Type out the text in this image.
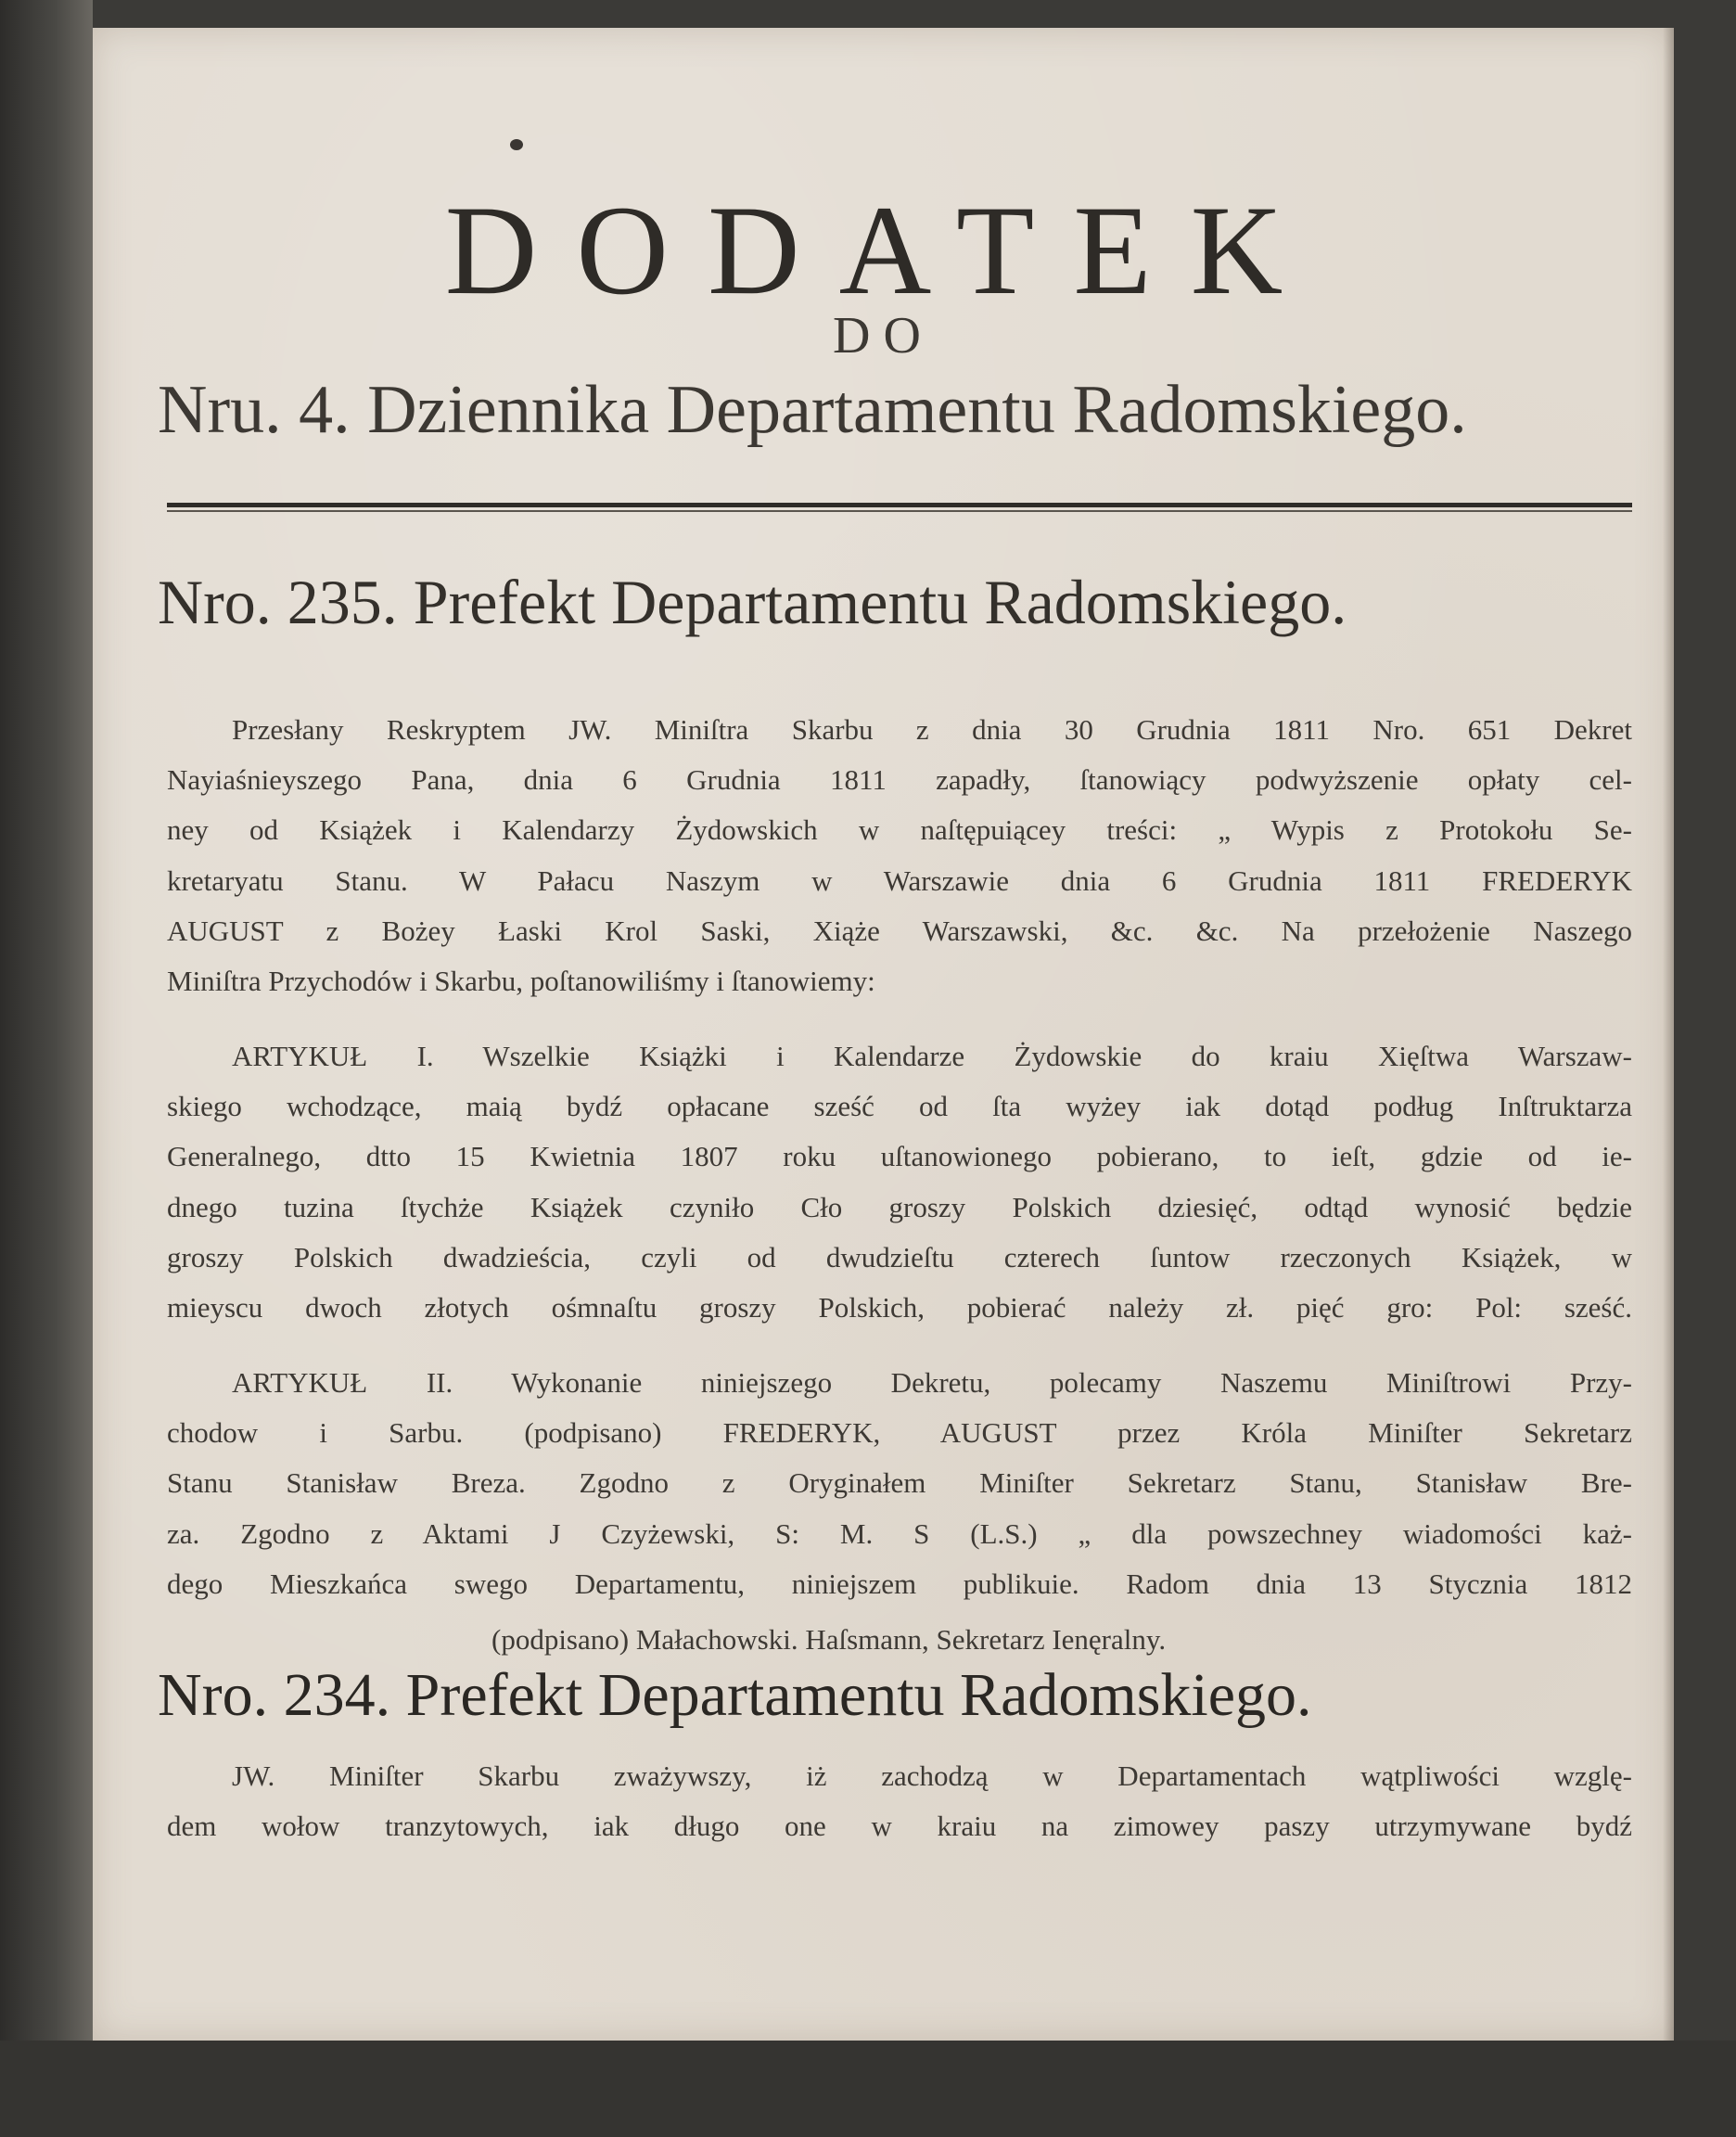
DODATEK
DO
Nru. 4. Dziennika Departamentu Radomskiego.
Nro. 235. Prefekt Departamentu Radomskiego.
Przesłany Reskryptem JW. Miniſtra Skarbu z dnia 30 Grudnia 1811 Nro. 651 Dekret
Nayiaśnieyszego Pana, dnia 6 Grudnia 1811 zapadły, ſtanowiący podwyższenie opłaty cel-
ney od Książek i Kalendarzy Żydowskich w naſtępuiącey treści: „ Wypis z Protokołu Se-
kretaryatu Stanu. W Pałacu Naszym w Warszawie dnia 6 Grudnia 1811 FREDERYK
AUGUST z Bożey Łaski Krol Saski, Xiąże Warszawski, &c. &c. Na przełożenie Naszego
Miniſtra Przychodów i Skarbu, poſtanowiliśmy i ſtanowiemy:
ARTYKUŁ I. Wszelkie Książki i Kalendarze Żydowskie do kraiu Xięſtwa Warszaw-
skiego wchodzące, maią bydź opłacane sześć od ſta wyżey iak dotąd podług Inſtruktarza
Generalnego, dtto 15 Kwietnia 1807 roku uſtanowionego pobierano, to ieſt, gdzie od ie-
dnego tuzina ſtychże Książek czyniło Cło groszy Polskich dziesięć, odtąd wynosić będzie
groszy Polskich dwadzieścia, czyli od dwudzieſtu czterech ſuntow rzeczonych Książek, w
mieyscu dwoch złotych ośmnaſtu groszy Polskich, pobierać należy zł. pięć gro: Pol: sześć.
ARTYKUŁ II. Wykonanie niniejszego Dekretu, polecamy Naszemu Miniſtrowi Przy-
chodow i Sarbu. (podpisano) FREDERYK, AUGUST przez Króla Miniſter Sekretarz
Stanu Stanisław Breza. Zgodno z Oryginałem Miniſter Sekretarz Stanu, Stanisław Bre-
za. Zgodno z Aktami J Czyżewski, S: M. S (L.S.) „ dla powszechney wiadomości każ-
dego Mieszkańca swego Departamentu, niniejszem publikuie. Radom dnia 13 Stycznia 1812
(podpisano) Małachowski. Haſsmann, Sekretarz Ienęralny.
Nro. 234. Prefekt Departamentu Radomskiego.
JW. Miniſter Skarbu zważywszy, iż zachodzą w Departamentach wątpliwości wzglę-
dem wołow tranzytowych, iak długo one w kraiu na zimowey paszy utrzymywane bydź
